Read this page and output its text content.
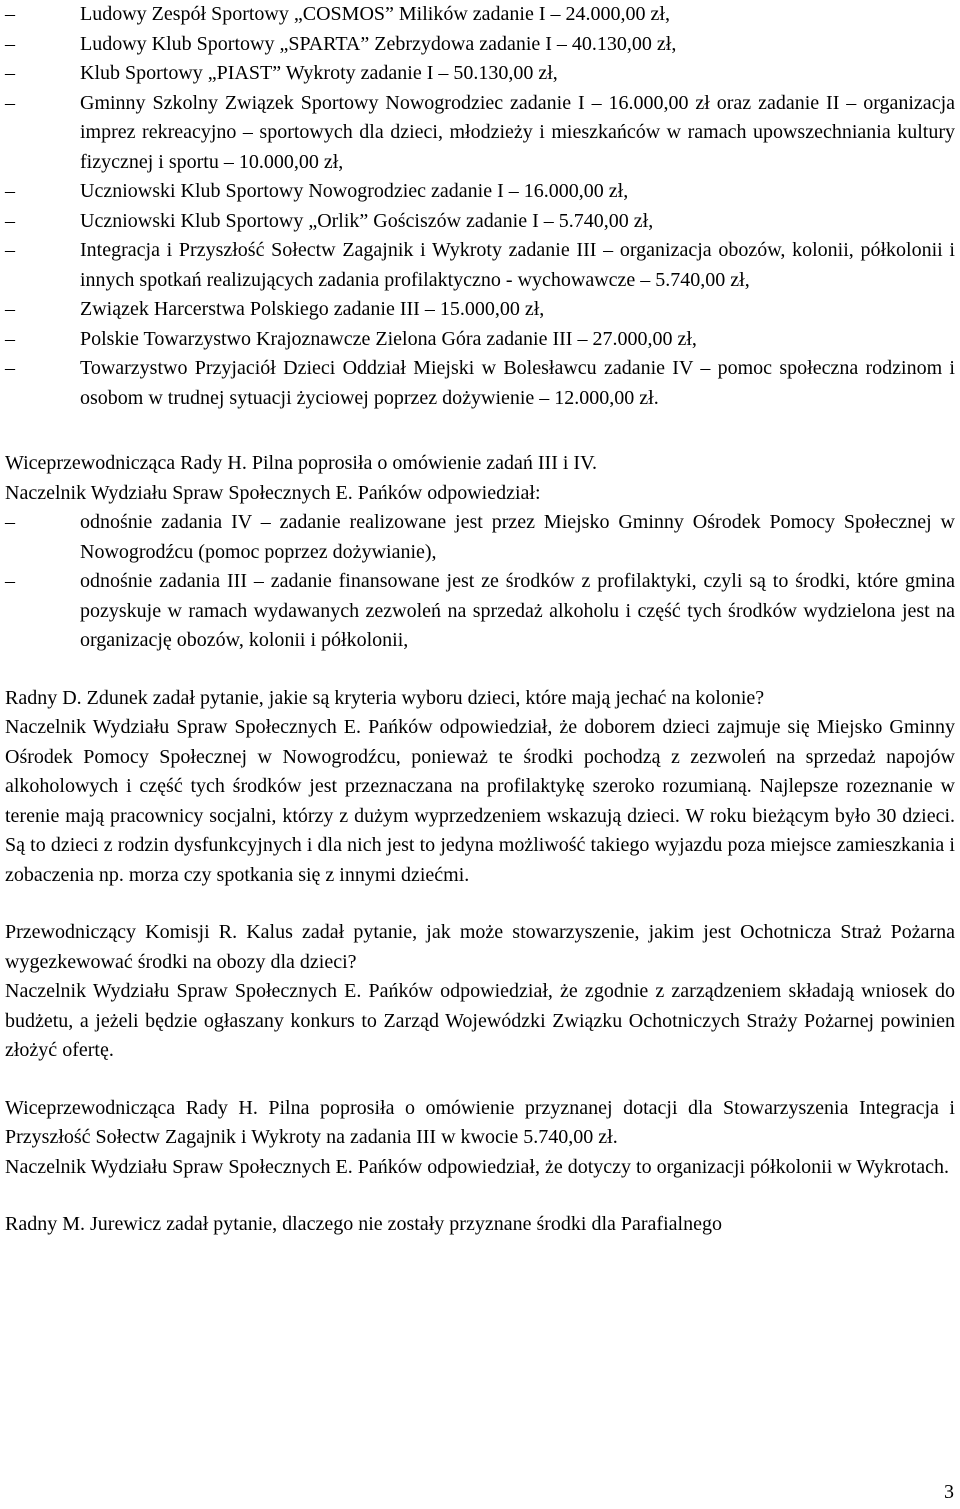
–	Ludowy Zespół Sportowy „COSMOS” Milików zadanie I – 24.000,00 zł,
–	Ludowy Klub Sportowy „SPARTA” Zebrzydowa zadanie I – 40.130,00 zł,
–	Klub Sportowy „PIAST” Wykroty zadanie I – 50.130,00 zł,
–	Gminny Szkolny Związek Sportowy Nowogrodziec zadanie I – 16.000,00 zł oraz zadanie II – organizacja imprez rekreacyjno – sportowych dla dzieci, młodzieży i mieszkańców w ramach upowszechniania kultury fizycznej i sportu – 10.000,00 zł,
–	Uczniowski Klub Sportowy Nowogrodziec zadanie I – 16.000,00 zł,
–	Uczniowski Klub Sportowy „Orlik” Gościszów zadanie I – 5.740,00 zł,
–	Integracja i Przyszłość Sołectw Zagajnik i Wykroty zadanie III – organizacja obozów, kolonii, półkolonii i innych spotkań realizujących zadania profilaktyczno - wychowawcze – 5.740,00 zł,
–	Związek Harcerstwa Polskiego zadanie III – 15.000,00 zł,
–	Polskie Towarzystwo Krajoznawcze Zielona Góra zadanie III – 27.000,00 zł,
–	Towarzystwo Przyjaciół Dzieci Oddział Miejski w Bolesławcu zadanie IV – pomoc społeczna rodzinom i osobom w trudnej sytuacji życiowej poprzez dożywienie – 12.000,00 zł.

Wiceprzewodnicząca Rady H. Pilna poprosiła o omówienie zadań III i IV.

Naczelnik Wydziału Spraw Społecznych E. Pańków odpowiedział:

–	odnośnie zadania IV – zadanie realizowane jest przez Miejsko Gminny Ośrodek Pomocy Społecznej w Nowogrodźcu (pomoc poprzez dożywianie),
–	odnośnie zadania III – zadanie finansowane jest ze środków z profilaktyki, czyli są to środki, które gmina pozyskuje w ramach wydawanych zezwoleń na sprzedaż alkoholu i część tych środków wydzielona jest na organizację obozów, kolonii i półkolonii,

Radny D. Zdunek zadał pytanie, jakie są kryteria wyboru dzieci, które mają jechać na kolonie?

Naczelnik Wydziału Spraw Społecznych E. Pańków odpowiedział, że doborem dzieci zajmuje się Miejsko Gminny Ośrodek Pomocy Społecznej w Nowogrodźcu, ponieważ te środki pochodzą z zezwoleń na sprzedaż napojów alkoholowych i część tych środków jest przeznaczana na profilaktykę szeroko rozumianą. Najlepsze rozeznanie w terenie mają pracownicy socjalni, którzy z dużym wyprzedzeniem wskazują dzieci. W roku bieżącym było 30 dzieci. Są to dzieci z rodzin dysfunkcyjnych i dla nich jest to jedyna możliwość takiego wyjazdu poza miejsce zamieszkania i zobaczenia np. morza czy spotkania się z innymi dziećmi.

Przewodniczący Komisji R. Kalus zadał pytanie, jak może stowarzyszenie, jakim jest Ochotnicza Straż Pożarna wygezkewować środki na obozy dla dzieci?

Naczelnik Wydziału Spraw Społecznych E. Pańków odpowiedział, że zgodnie z zarządzeniem składają wniosek do budżetu, a jeżeli będzie ogłaszany konkurs to Zarząd Wojewódzki Związku Ochotniczych Straży Pożarnej powinien złożyć ofertę.

Wiceprzewodnicząca Rady H. Pilna poprosiła o omówienie przyznanej dotacji dla Stowarzyszenia Integracja i Przyszłość Sołectw Zagajnik i Wykroty na zadania III w kwocie 5.740,00 zł.

Naczelnik Wydziału Spraw Społecznych E. Pańków odpowiedział, że dotyczy to organizacji półkolonii w Wykrotach.

Radny M. Jurewicz zadał pytanie, dlaczego nie zostały przyznane środki dla Parafialnego

3
